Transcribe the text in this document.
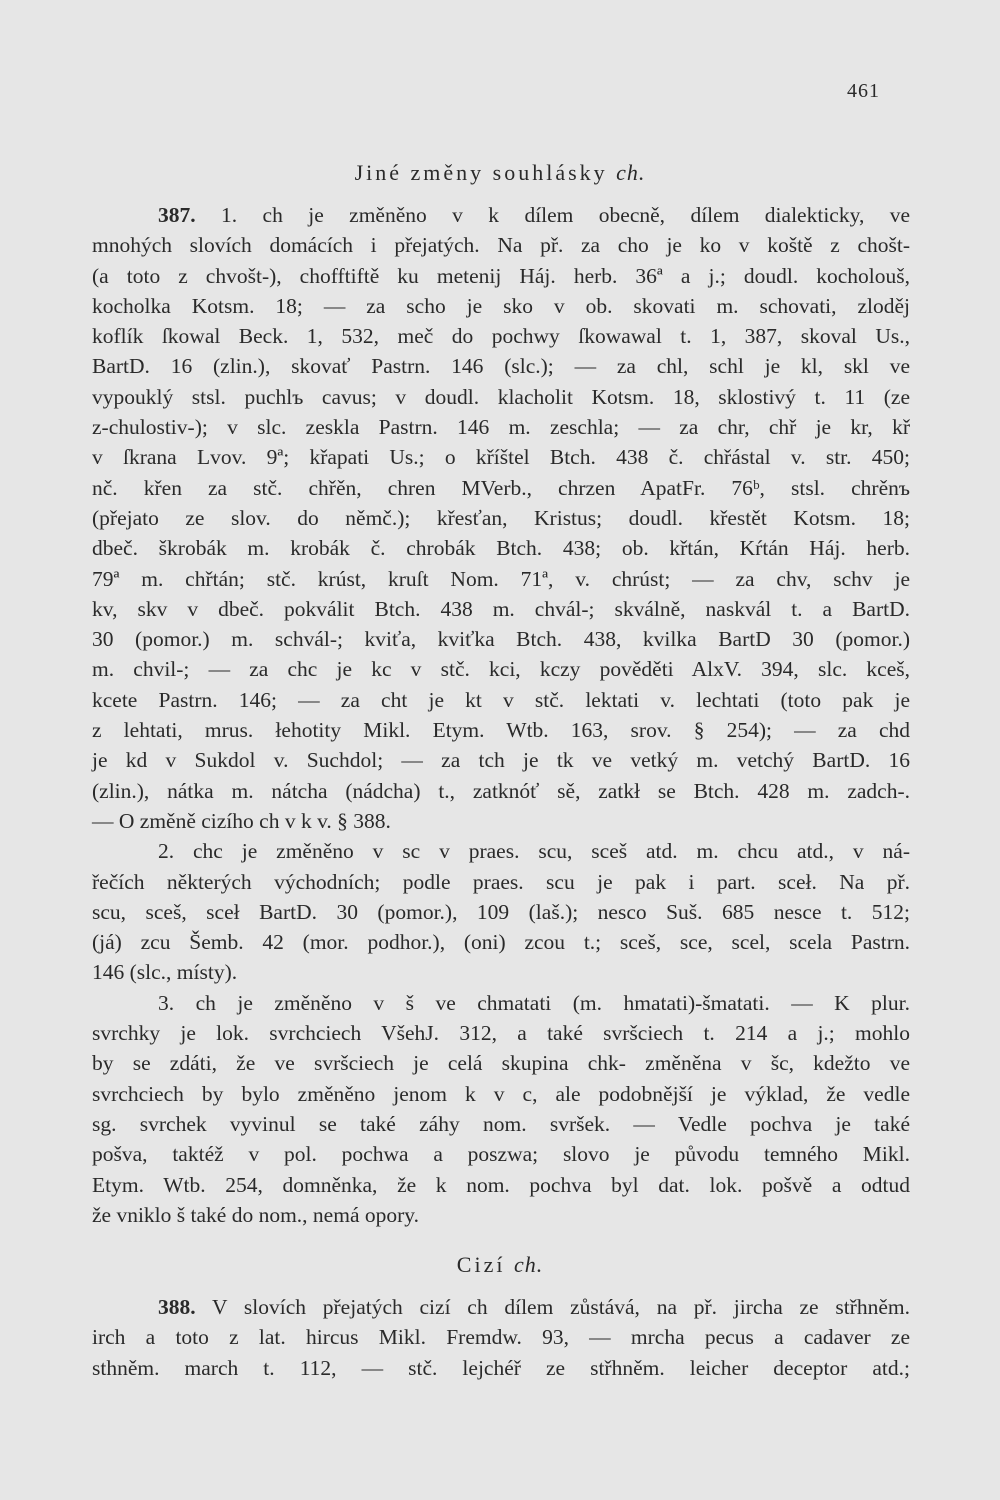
461
Jiné změny souhlásky ch.
387. 1. ch je změněno v k dílem obecně, dílem dialekticky, ve
mnohých slovích domácích i přejatých. Na př. za cho je ko v koště z chošt-
(a toto z chvošt-), chofftiftě ku metenij Háj. herb. 36ª a j.; doudl. kocholouš,
kocholka Kotsm. 18; — za scho je sko v ob. skovati m. schovati, zloděj
koflík ſkowal Beck. 1, 532, meč do pochwy ſkowawal t. 1, 387, skoval Us.,
BartD. 16 (zlin.), skovať Pastrn. 146 (slc.); — za chl, schl je kl, skl ve
vypouklý stsl. puchlъ cavus; v doudl. klacholit Kotsm. 18, sklostivý t. 11 (ze
z-chulostiv-); v slc. zeskla Pastrn. 146 m. zeschla; — za chr, chř je kr, kř
v ſkrana Lvov. 9ª; křapati Us.; o kříštel Btch. 438 č. chřástal v. str. 450;
nč. křen za stč. chřěn, chren MVerb., chrzen ApatFr. 76ᵇ, stsl. chrěnъ
(přejato ze slov. do němč.); křesťan, Kristus; doudl. křestět Kotsm. 18;
dbeč. škrobák m. krobák č. chrobák Btch. 438; ob. křtán, Kŕtán Háj. herb.
79ª m. chřtán; stč. krúst, kruſt Nom. 71ª, v. chrúst; — za chv, schv je
kv, skv v dbeč. pokválit Btch. 438 m. chvál-; skválně, naskvál t. a BartD.
30 (pomor.) m. schvál-; kviťa, kviťka Btch. 438, kvilka BartD 30 (pomor.)
m. chvil-; — za chc je kc v stč. kci, kczy pověděti AlxV. 394, slc. kceš,
kcete Pastrn. 146; — za cht je kt v stč. lektati v. lechtati (toto pak je
z lehtati, mrus. łehotity Mikl. Etym. Wtb. 163, srov. § 254); — za chd
je kd v Sukdol v. Suchdol; — za tch je tk ve vetký m. vetchý BartD. 16
(zlin.), nátka m. nátcha (nádcha) t., zatknóť sě, zatkł se Btch. 428 m. zadch-.
— O změně cizího ch v k v. § 388.
2. chc je změněno v sc v praes. scu, sceš atd. m. chcu atd., v ná-
řečích některých východních; podle praes. scu je pak i part. sceł. Na př.
scu, sceš, sceł BartD. 30 (pomor.), 109 (laš.); nesco Suš. 685 nesce t. 512;
(já) zcu Šemb. 42 (mor. podhor.), (oni) zcou t.; sceš, sce, scel, scela Pastrn.
146 (slc., místy).
3. ch je změněno v š ve chmatati (m. hmatati)-šmatati. — K plur.
svrchky je lok. svrchciech VšehJ. 312, a také svršciech t. 214 a j.; mohlo
by se zdáti, že ve svršciech je celá skupina chk- změněna v šc, kdežto ve
svrchciech by bylo změněno jenom k v c, ale podobnější je výklad, že vedle
sg. svrchek vyvinul se také záhy nom. svršek. — Vedle pochva je také
pošva, taktéž v pol. pochwa a poszwa; slovo je původu temného Mikl.
Etym. Wtb. 254, domněnka, že k nom. pochva byl dat. lok. pošvě a odtud
že vniklo š také do nom., nemá opory.
Cizí ch.
388. V slovích přejatých cizí ch dílem zůstává, na př. jircha ze střhněm.
irch a toto z lat. hircus Mikl. Fremdw. 93, — mrcha pecus a cadaver ze
sthněm. march t. 112, — stč. lejchéř ze střhněm. leicher deceptor atd.;
